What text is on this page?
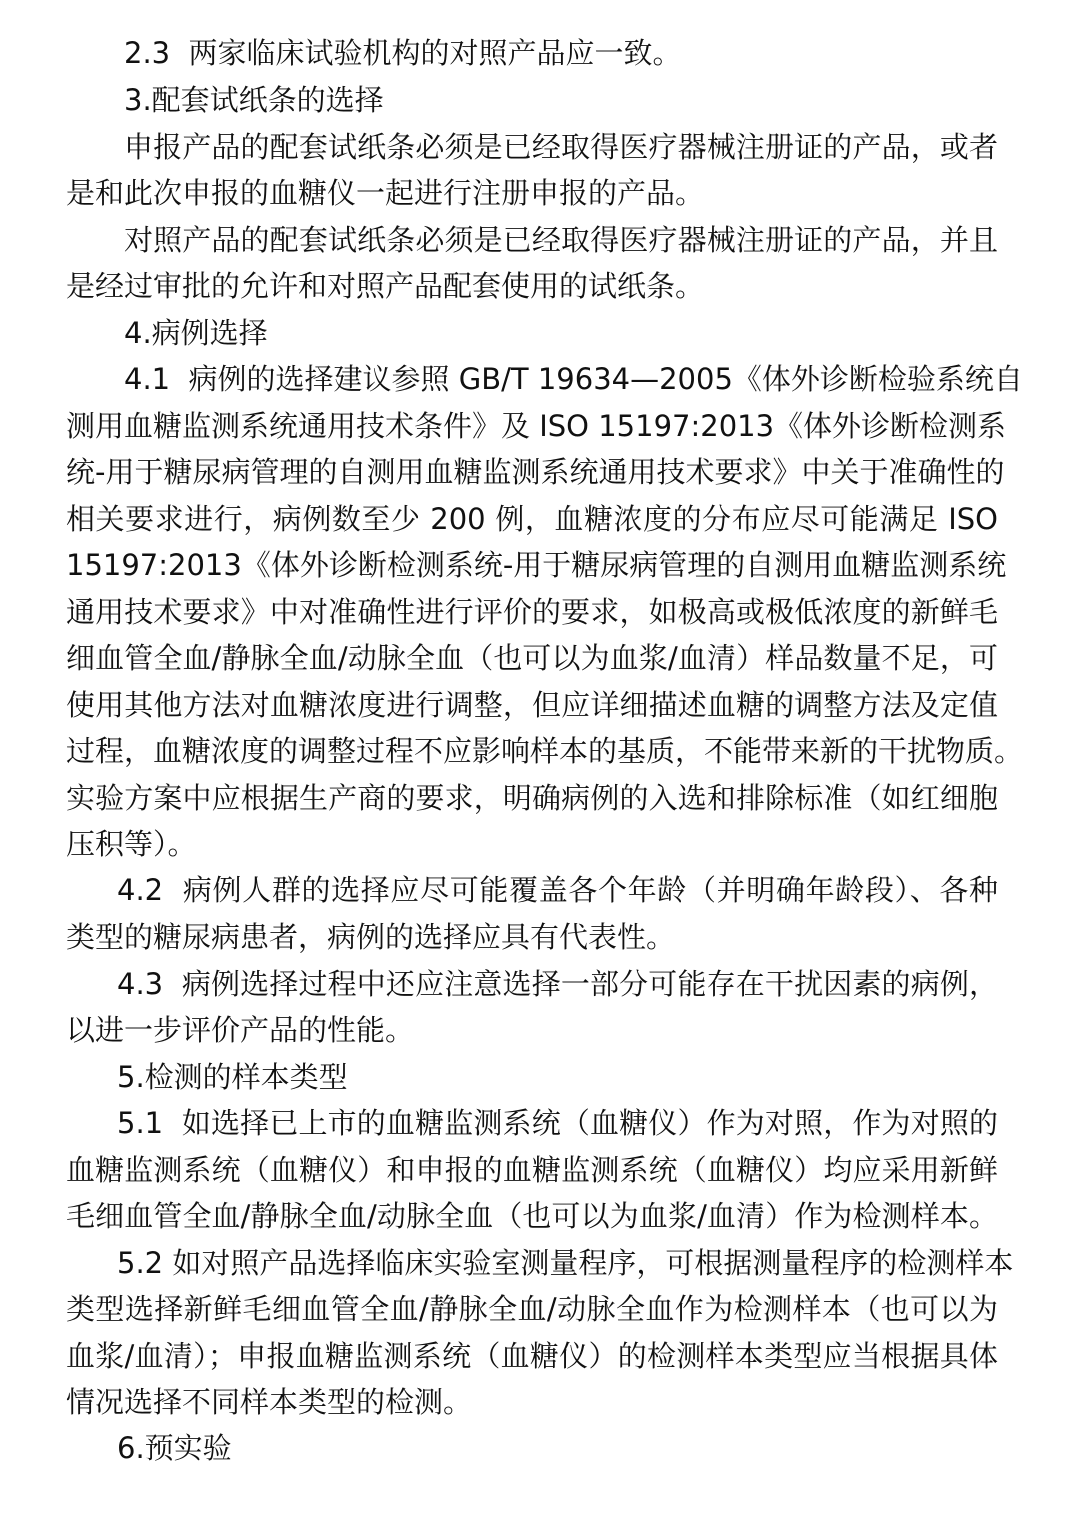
2.3  两家临床试验机构的对照产品应一致。

3.配套试纸条的选择

申报产品的配套试纸条必须是已经取得医疗器械注册证的产品，或者

是和此次申报的血糖仪一起进行注册申报的产品。

对照产品的配套试纸条必须是已经取得医疗器械注册证的产品，并且

是经过审批的允许和对照产品配套使用的试纸条。

4.病例选择

4.1  病例的选择建议参照 GB/T 19634—2005《体外诊断检验系统自

测用血糖监测系统通用技术条件》及 ISO 15197:2013《体外诊断检测系

统-用于糖尿病管理的自测用血糖监测系统通用技术要求》中关于准确性的

相关要求进行，病例数至少 200 例，血糖浓度的分布应尽可能满足 ISO

15197:2013《体外诊断检测系统-用于糖尿病管理的自测用血糖监测系统

通用技术要求》中对准确性进行评价的要求，如极高或极低浓度的新鲜毛

细血管全血/静脉全血/动脉全血（也可以为血浆/血清）样品数量不足，可

使用其他方法对血糖浓度进行调整，但应详细描述血糖的调整方法及定值

过程，血糖浓度的调整过程不应影响样本的基质，不能带来新的干扰物质。

实验方案中应根据生产商的要求，明确病例的入选和排除标准（如红细胞

压积等）。

4.2  病例人群的选择应尽可能覆盖各个年龄（并明确年龄段）、各种

类型的糖尿病患者，病例的选择应具有代表性。

4.3  病例选择过程中还应注意选择一部分可能存在干扰因素的病例，

以进一步评价产品的性能。

5.检测的样本类型

5.1  如选择已上市的血糖监测系统（血糖仪）作为对照，作为对照的

血糖监测系统（血糖仪）和申报的血糖监测系统（血糖仪）均应采用新鲜

毛细血管全血/静脉全血/动脉全血（也可以为血浆/血清）作为检测样本。

5.2 如对照产品选择临床实验室测量程序，可根据测量程序的检测样本

类型选择新鲜毛细血管全血/静脉全血/动脉全血作为检测样本（也可以为

血浆/血清）；申报血糖监测系统（血糖仪）的检测样本类型应当根据具体

情况选择不同样本类型的检测。

6.预实验
